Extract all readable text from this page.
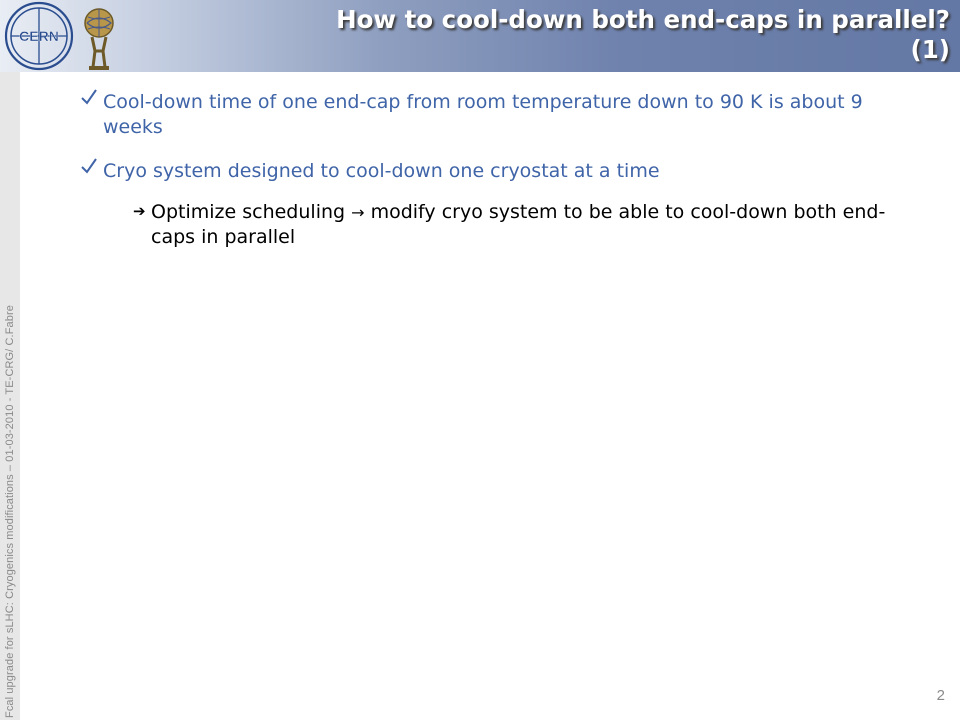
Fcal upgrade for sLHC: Cryogenics modifications – 01-03-2010 - TE-CRG/ C.Fabre
CERN
How to cool-down both end-caps in parallel? (1)
Cool-down time of one end-cap from room temperature down to 90 K is about 9 weeks
Cryo system designed to cool-down one cryostat at a time
➔ Optimize scheduling → modify cryo system to be able to cool-down both end-caps in parallel
2
